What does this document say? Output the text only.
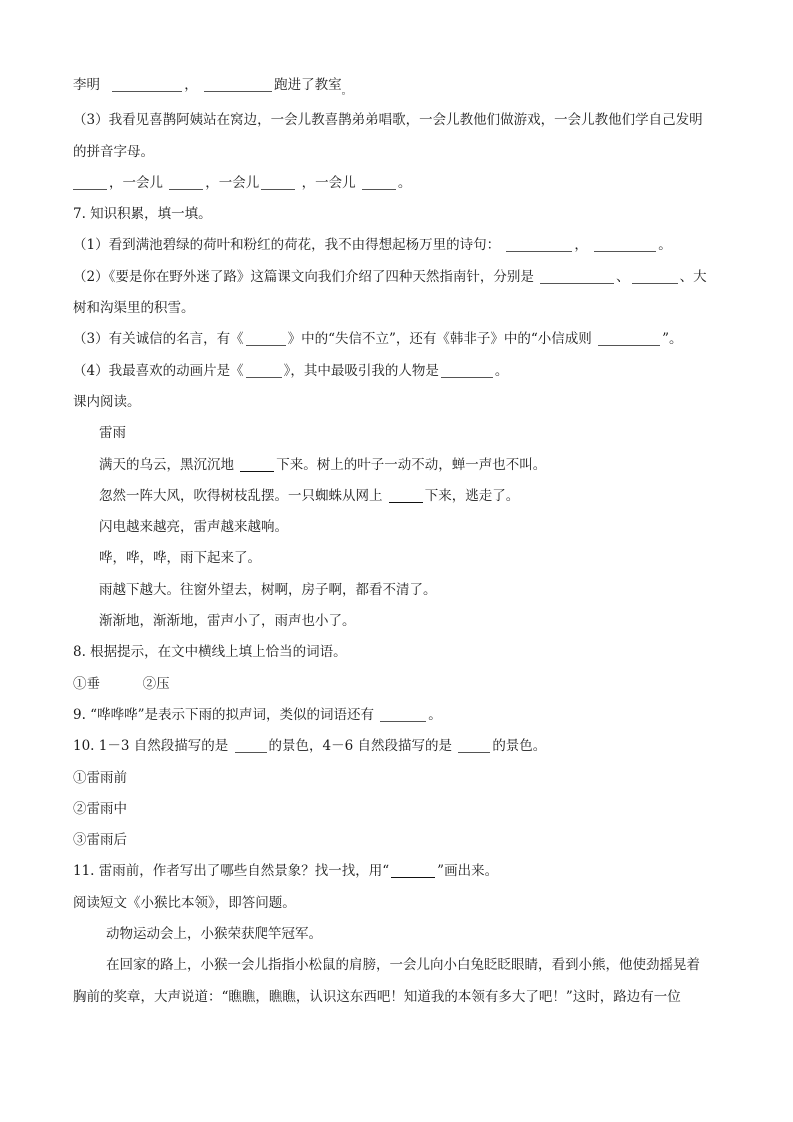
李明	，	跑进了教室$_。$
（3）我看见喜鹊阿姨站在窝边，一会儿教喜鹊弟弟唱歌，一会儿教他们做游戏，一会儿教他们学自己发明
的拼音字母。
，一会儿	，一会儿	，一会儿	。
7. 知识积累，填一填。
（1）看到满池碧绿的荷叶和粉红的荷花，我不由得想起杨万里的诗句：	，	。
（2）《要是你在野外迷了路》这篇课文向我们介绍了四种天然指南针，分别是	、	、大
树和沟渠里的积雪。
（3）有关诚信的名言，有《	》中的“失信不立”，还有《韩非子》中的“小信成则	”。
（4）我最喜欢的动画片是《	》，其中最吸引我的人物是	。
课内阅读。
雷雨
满天的乌云，黑沉沉地	下来。树上的叶子一动不动，蝉一声也不叫。
忽然一阵大风，吹得树枝乱摆。一只蜘蛛从网上	下来，逃走了。
闪电越来越亮，雷声越来越响。
哗，哗，哗，雨下起来了。
雨越下越大。往窗外望去，树啊，房子啊，都看不清了。
渐渐地，渐渐地，雷声小了，雨声也小了。
8. 根据提示，在文中横线上填上恰当的词语。
①垂	②压
9. “哗哗哗”是表示下雨的拟声词，类似的词语还有	。
10. 1－3 自然段描写的是	的景色，4－6 自然段描写的是	的景色。
①雷雨前
②雷雨中
③雷雨后
11. 雷雨前，作者写出了哪些自然景象？找一找，用“	”画出来。
阅读短文《小猴比本领》，即答问题。
动物运动会上，小猴荣获爬竿冠军。
在回家的路上，小猴一会儿指指小松鼠的肩膀，一会儿向小白兔眨眨眼睛，看到小熊，他使劲摇晃着
胸前的奖章，大声说道：“瞧瞧，瞧瞧，认识这东西吧！知道我的本领有多大了吧！”这时，路边有一位
